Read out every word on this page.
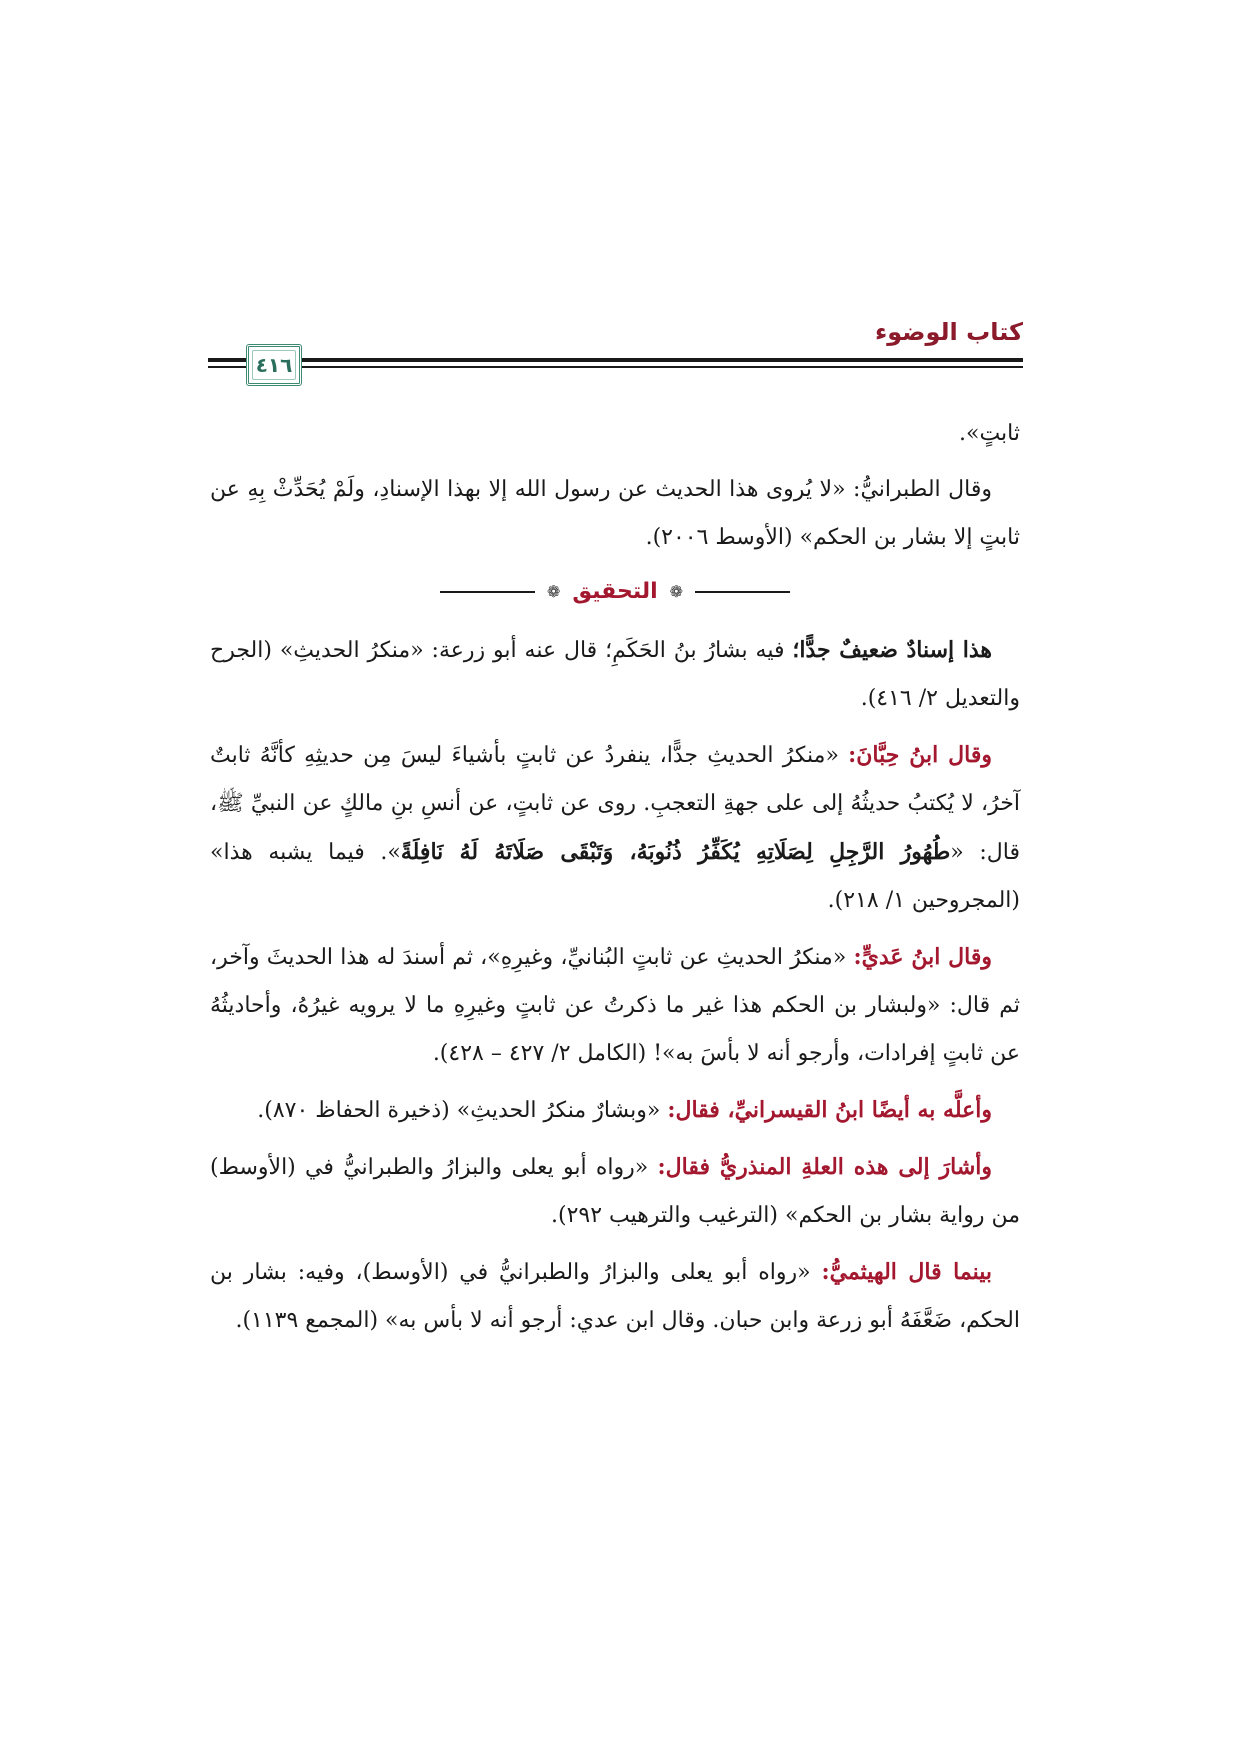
كتاب الوضوء
٤١٦

ثابتٍ».

وقال الطبرانيُّ: «لا يُروى هذا الحديث عن رسول الله إلا بهذا الإسنادِ، ولَمْ يُحَدِّثْ بِهِ عن ثابتٍ إلا بشار بن الحكم» (الأوسط ٢٠٠٦).

❁
التحقيق
❁

هذا إسنادٌ ضعيفٌ جدًّا؛ فيه بشارُ بنُ الحَكَمِ؛ قال عنه أبو زرعة: «منكرُ الحديثِ» (الجرح والتعديل ٢/ ٤١٦).

وقال ابنُ حِبَّانَ: «منكرُ الحديثِ جدًّا، ينفردُ عن ثابتٍ بأشياءَ ليسَ مِن حديثِهِ كأنَّهُ ثابتٌ آخرُ، لا يُكتبُ حديثُهُ إلى على جهةِ التعجبِ. روى عن ثابتٍ، عن أنسِ بنِ مالكٍ عن النبيِّ ﷺ، قال: «طُهُورُ الرَّجِلِ لِصَلَاتِهِ يُكَفِّرُ ذُنُوبَهُ، وَتَبْقَى صَلَاتَهُ لَهُ نَافِلَةً». فيما يشبه هذا» (المجروحين ١/ ٢١٨).

وقال ابنُ عَديٍّ: «منكرُ الحديثِ عن ثابتٍ البُنانيِّ، وغيرِهِ»، ثم أسندَ له هذا الحديثَ وآخر، ثم قال: «ولبشار بن الحكم هذا غير ما ذكرتُ عن ثابتٍ وغيرِهِ ما لا يرويه غيرُهُ، وأحاديثُهُ عن ثابتٍ إفرادات، وأرجو أنه لا بأسَ به»! (الكامل ٢/ ٤٢٧ – ٤٢٨).

وأعلَّه به أيضًا ابنُ القيسرانيِّ، فقال: «وبشارٌ منكرُ الحديثِ» (ذخيرة الحفاظ ٨٧٠).

وأشارَ إلى هذه العلةِ المنذريُّ فقال: «رواه أبو يعلى والبزارُ والطبرانيُّ في (الأوسط) من رواية بشار بن الحكم» (الترغيب والترهيب ٢٩٢).

بينما قال الهيثميُّ: «رواه أبو يعلى والبزارُ والطبرانيُّ في (الأوسط)، وفيه: بشار بن الحكم، ضَعَّفَهُ أبو زرعة وابن حبان. وقال ابن عدي: أرجو أنه لا بأس به» (المجمع ١١٣٩).
